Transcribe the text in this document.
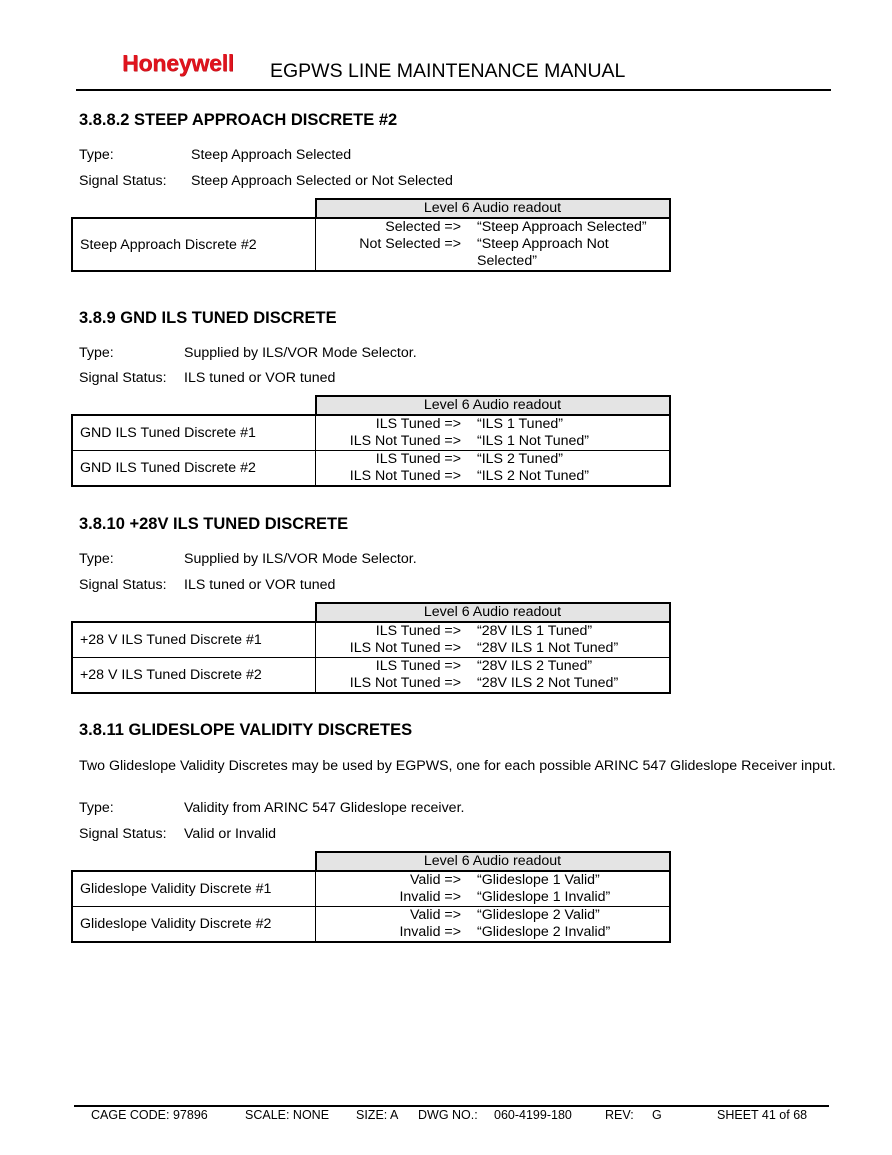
Honeywell EGPWS LINE MAINTENANCE MANUAL
3.8.8.2 STEEP APPROACH DISCRETE #2
Type:	Steep Approach Selected
Signal Status: Steep Approach Selected or Not Selected
	Level 6 Audio readout
Steep Approach Discrete #2	Selected => “Steep Approach Selected”
Not Selected => “Steep Approach Not
Selected”
3.8.9 GND ILS TUNED DISCRETE
Type:	Supplied by ILS/VOR Mode Selector.
Signal Status: ILS tuned or VOR tuned
	Level 6 Audio readout
GND ILS Tuned Discrete #1	ILS Tuned => “ILS 1 Tuned”
ILS Not Tuned => “ILS 1 Not Tuned”

GND ILS Tuned Discrete #2	ILS Tuned => “ILS 2 Tuned”
ILS Not Tuned => “ILS 2 Not Tuned”
3.8.10 +28V ILS TUNED DISCRETE
Type:	Supplied by ILS/VOR Mode Selector.
Signal Status: ILS tuned or VOR tuned
	Level 6 Audio readout
+28 V ILS Tuned Discrete #1	ILS Tuned => “28V ILS 1 Tuned”
ILS Not Tuned => “28V ILS 1 Not Tuned”

+28 V ILS Tuned Discrete #2	ILS Tuned => “28V ILS 2 Tuned”
ILS Not Tuned => “28V ILS 2 Not Tuned”
3.8.11 GLIDESLOPE VALIDITY DISCRETES
Two Glideslope Validity Discretes may be used by EGPWS, one for each possible ARINC 547 Glideslope Receiver input.
Type:	Validity from ARINC 547 Glideslope receiver.
Signal Status: Valid or Invalid
	Level 6 Audio readout
Glideslope Validity Discrete #1	Valid => “Glideslope 1 Valid”
Invalid => “Glideslope 1 Invalid”

Glideslope Validity Discrete #2	Valid => “Glideslope 2 Valid”
Invalid => “Glideslope 2 Invalid”
CAGE CODE: 97896	SCALE: NONE SIZE: A DWG NO.: 060-4199-180	REV: G	SHEET 41 of 68
